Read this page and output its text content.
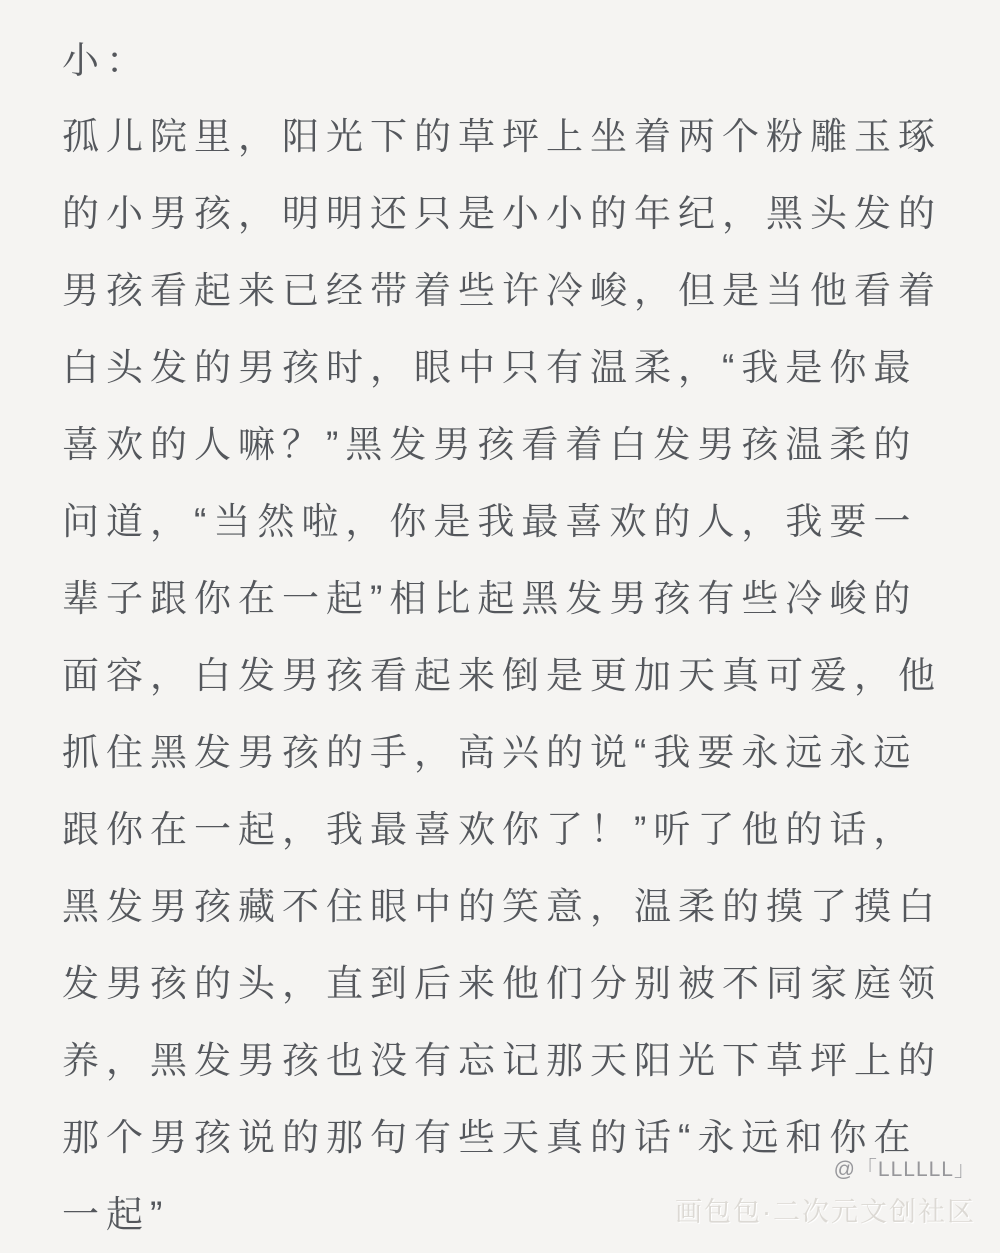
小：
孤儿院里，阳光下的草坪上坐着两个粉雕玉琢
的小男孩，明明还只是小小的年纪，黑头发的
男孩看起来已经带着些许冷峻，但是当他看着
白头发的男孩时，眼中只有温柔，“我是你最
喜欢的人嘛？”黑发男孩看着白发男孩温柔的
问道，“当然啦，你是我最喜欢的人，我要一
辈子跟你在一起”相比起黑发男孩有些冷峻的
面容，白发男孩看起来倒是更加天真可爱，他
抓住黑发男孩的手，高兴的说“我要永远永远
跟你在一起，我最喜欢你了！”听了他的话，
黑发男孩藏不住眼中的笑意，温柔的摸了摸白
发男孩的头，直到后来他们分别被不同家庭领
养，黑发男孩也没有忘记那天阳光下草坪上的
那个男孩说的那句有些天真的话“永远和你在
一起”
@「LLLLLL」
画包包·二次元文创社区
